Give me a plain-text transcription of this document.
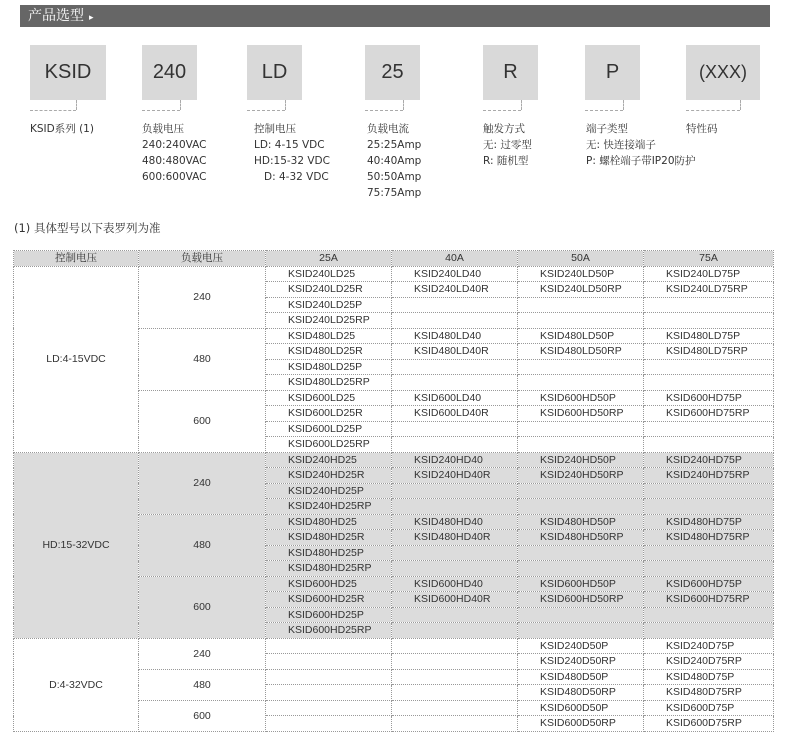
产品选型 ▸
KSID	240	LD	25	R	P	(XXX)
KSID系列 (1)	负载电压
240:240VAC
480:480VAC
600:600VAC
控制电压
LD: 4-15 VDC
HD:15-32 VDC
D: 4-32 VDC
负载电流
25:25Amp
40:40Amp
50:50Amp
75:75Amp
触发方式
无: 过零型
R: 随机型
端子类型
无: 快连接端子
P: 螺栓端子带IP20防护
特性码
(1) 具体型号以下表罗列为准
控制电压	负载电压	25A	40A	50A	75A
LD:4-15VDC	240	KSID240LD25	KSID240LD40	KSID240LD50P	KSID240LD75P
		KSID240LD25R	KSID240LD40R	KSID240LD50RP	KSID240LD75RP
		KSID240LD25P			
		KSID240LD25RP			
	480	KSID480LD25	KSID480LD40	KSID480LD50P	KSID480LD75P
		KSID480LD25R	KSID480LD40R	KSID480LD50RP	KSID480LD75RP
		KSID480LD25P			
		KSID480LD25RP			
	600	KSID600LD25	KSID600LD40	KSID600HD50P	KSID600HD75P
		KSID600LD25R	KSID600LD40R	KSID600HD50RP	KSID600HD75RP
		KSID600LD25P			
		KSID600LD25RP			
HD:15-32VDC	240	KSID240HD25	KSID240HD40	KSID240HD50P	KSID240HD75P
		KSID240HD25R	KSID240HD40R	KSID240HD50RP	KSID240HD75RP
		KSID240HD25P			
		KSID240HD25RP			
	480	KSID480HD25	KSID480HD40	KSID480HD50P	KSID480HD75P
		KSID480HD25R	KSID480HD40R	KSID480HD50RP	KSID480HD75RP
		KSID480HD25P			
		KSID480HD25RP			
	600	KSID600HD25	KSID600HD40	KSID600HD50P	KSID600HD75P
		KSID600HD25R	KSID600HD40R	KSID600HD50RP	KSID600HD75RP
		KSID600HD25P			
		KSID600HD25RP			
D:4-32VDC	240			KSID240D50P	KSID240D75P
				KSID240D50RP	KSID240D75RP
	480			KSID480D50P	KSID480D75P
				KSID480D50RP	KSID480D75RP
	600			KSID600D50P	KSID600D75P
				KSID600D50RP	KSID600D75RP
